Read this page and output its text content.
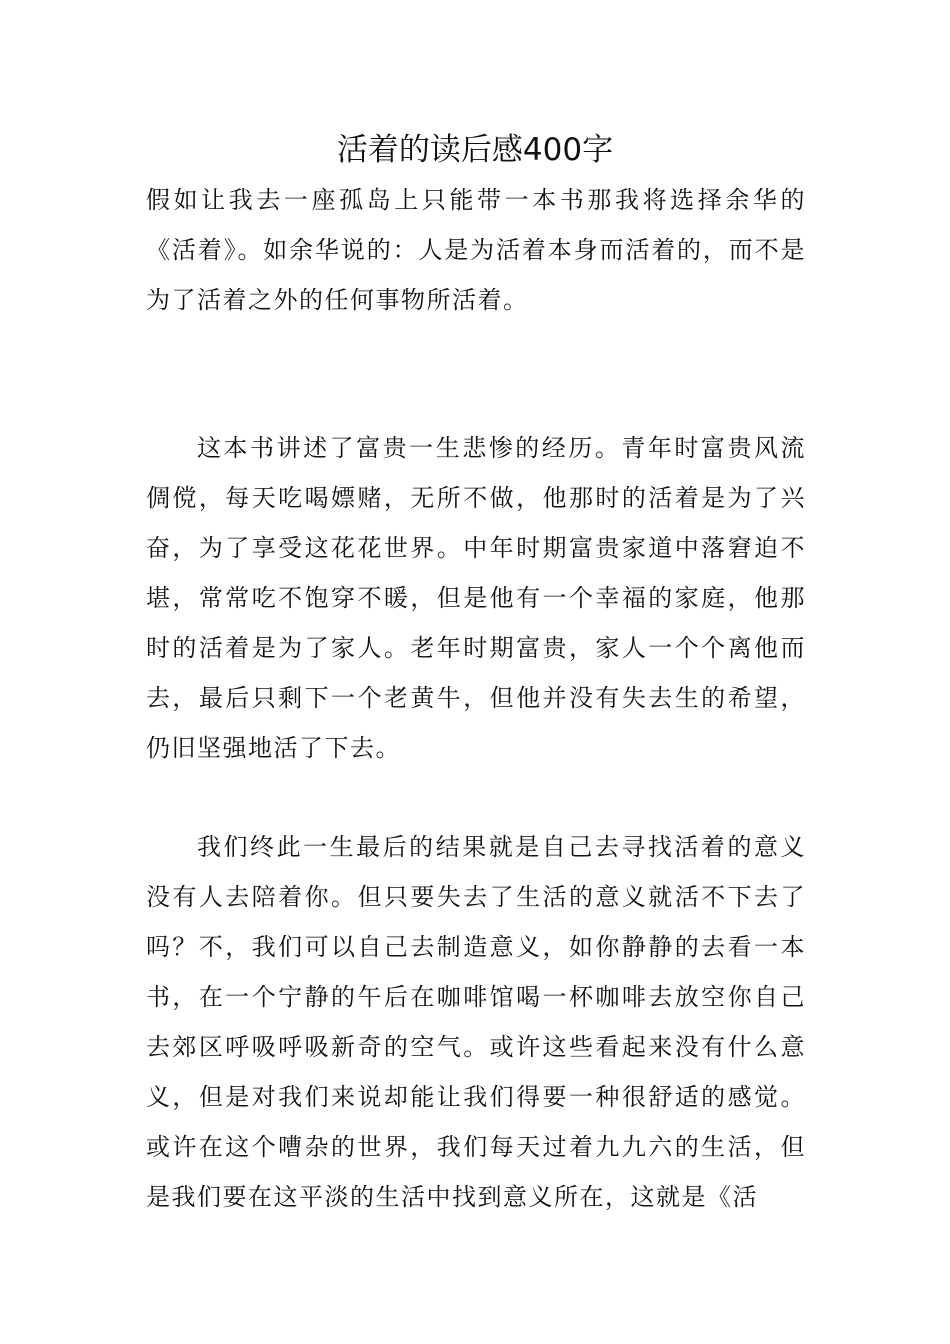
活着的读后感400字

假如让我去一座孤岛上只能带一本书那我将选择余华的《活着》。如余华说的：人是为活着本身而活着的，而不是为了活着之外的任何事物所活着。

这本书讲述了富贵一生悲惨的经历。青年时富贵风流倜傥，每天吃喝嫖赌，无所不做，他那时的活着是为了兴奋，为了享受这花花世界。中年时期富贵家道中落窘迫不堪，常常吃不饱穿不暖，但是他有一个幸福的家庭，他那时的活着是为了家人。老年时期富贵，家人一个个离他而去，最后只剩下一个老黄牛，但他并没有失去生的希望，仍旧坚强地活了下去。

我们终此一生最后的结果就是自己去寻找活着的意义没有人去陪着你。但只要失去了生活的意义就活不下去了吗？不，我们可以自己去制造意义，如你静静的去看一本书，在一个宁静的午后在咖啡馆喝一杯咖啡去放空你自己去郊区呼吸呼吸新奇的空气。或许这些看起来没有什么意义，但是对我们来说却能让我们得要一种很舒适的感觉。或许在这个嘈杂的世界，我们每天过着九九六的生活，但是我们要在这平淡的生活中找到意义所在，这就是《活
